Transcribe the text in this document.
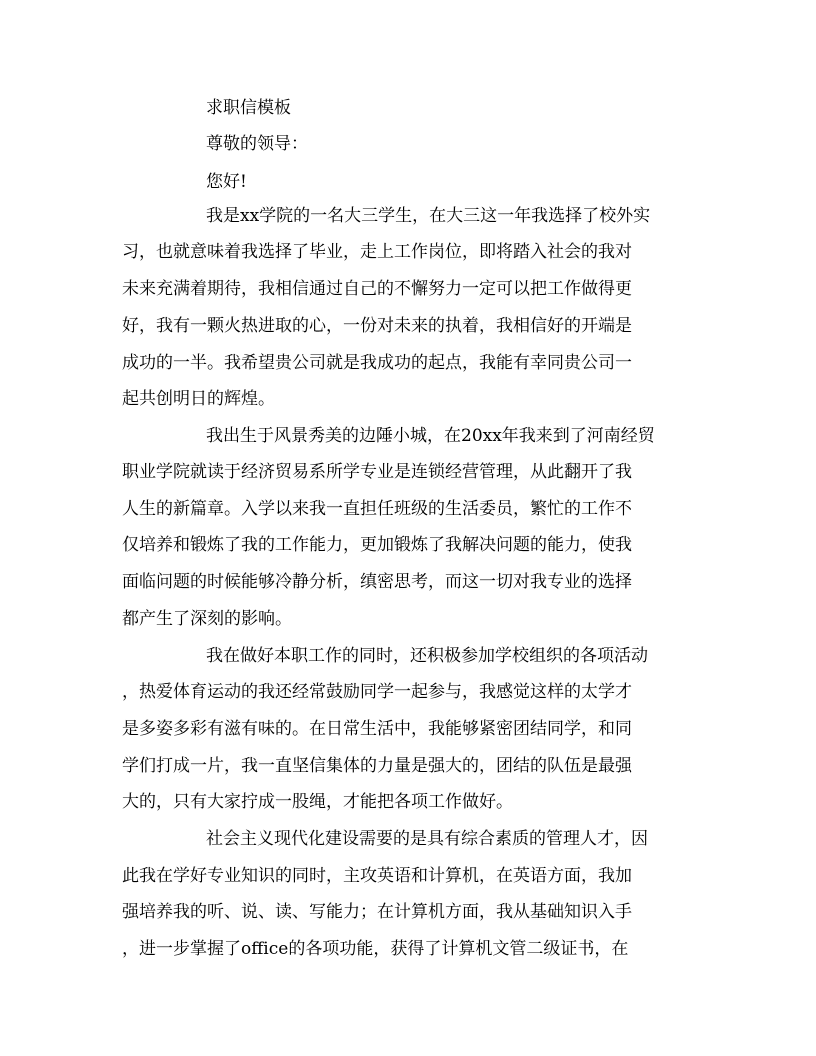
求职信模板
尊敬的领导：
您好!
我是xx学院的一名大三学生，在大三这一年我选择了校外实
习，也就意味着我选择了毕业，走上工作岗位，即将踏入社会的我对
未来充满着期待，我相信通过自己的不懈努力一定可以把工作做得更
好，我有一颗火热进取的心，一份对未来的执着，我相信好的开端是
成功的一半。我希望贵公司就是我成功的起点，我能有幸同贵公司一
起共创明日的辉煌。
我出生于风景秀美的边陲小城，在20xx年我来到了河南经贸
职业学院就读于经济贸易系所学专业是连锁经营管理，从此翻开了我
人生的新篇章。入学以来我一直担任班级的生活委员，繁忙的工作不
仅培养和锻炼了我的工作能力，更加锻炼了我解决问题的能力，使我
面临问题的时候能够冷静分析，缜密思考，而这一切对我专业的选择
都产生了深刻的影响。
我在做好本职工作的同时，还积极参加学校组织的各项活动
，热爱体育运动的我还经常鼓励同学一起参与，我感觉这样的太学才
是多姿多彩有滋有味的。在日常生活中，我能够紧密团结同学，和同
学们打成一片，我一直坚信集体的力量是强大的，团结的队伍是最强
大的，只有大家拧成一股绳，才能把各项工作做好。
社会主义现代化建设需要的是具有综合素质的管理人才，因
此我在学好专业知识的同时，主攻英语和计算机，在英语方面，我加
强培养我的听、说、读、写能力；在计算机方面，我从基础知识入手
，进一步掌握了office的各项功能，获得了计算机文管二级证书，在
